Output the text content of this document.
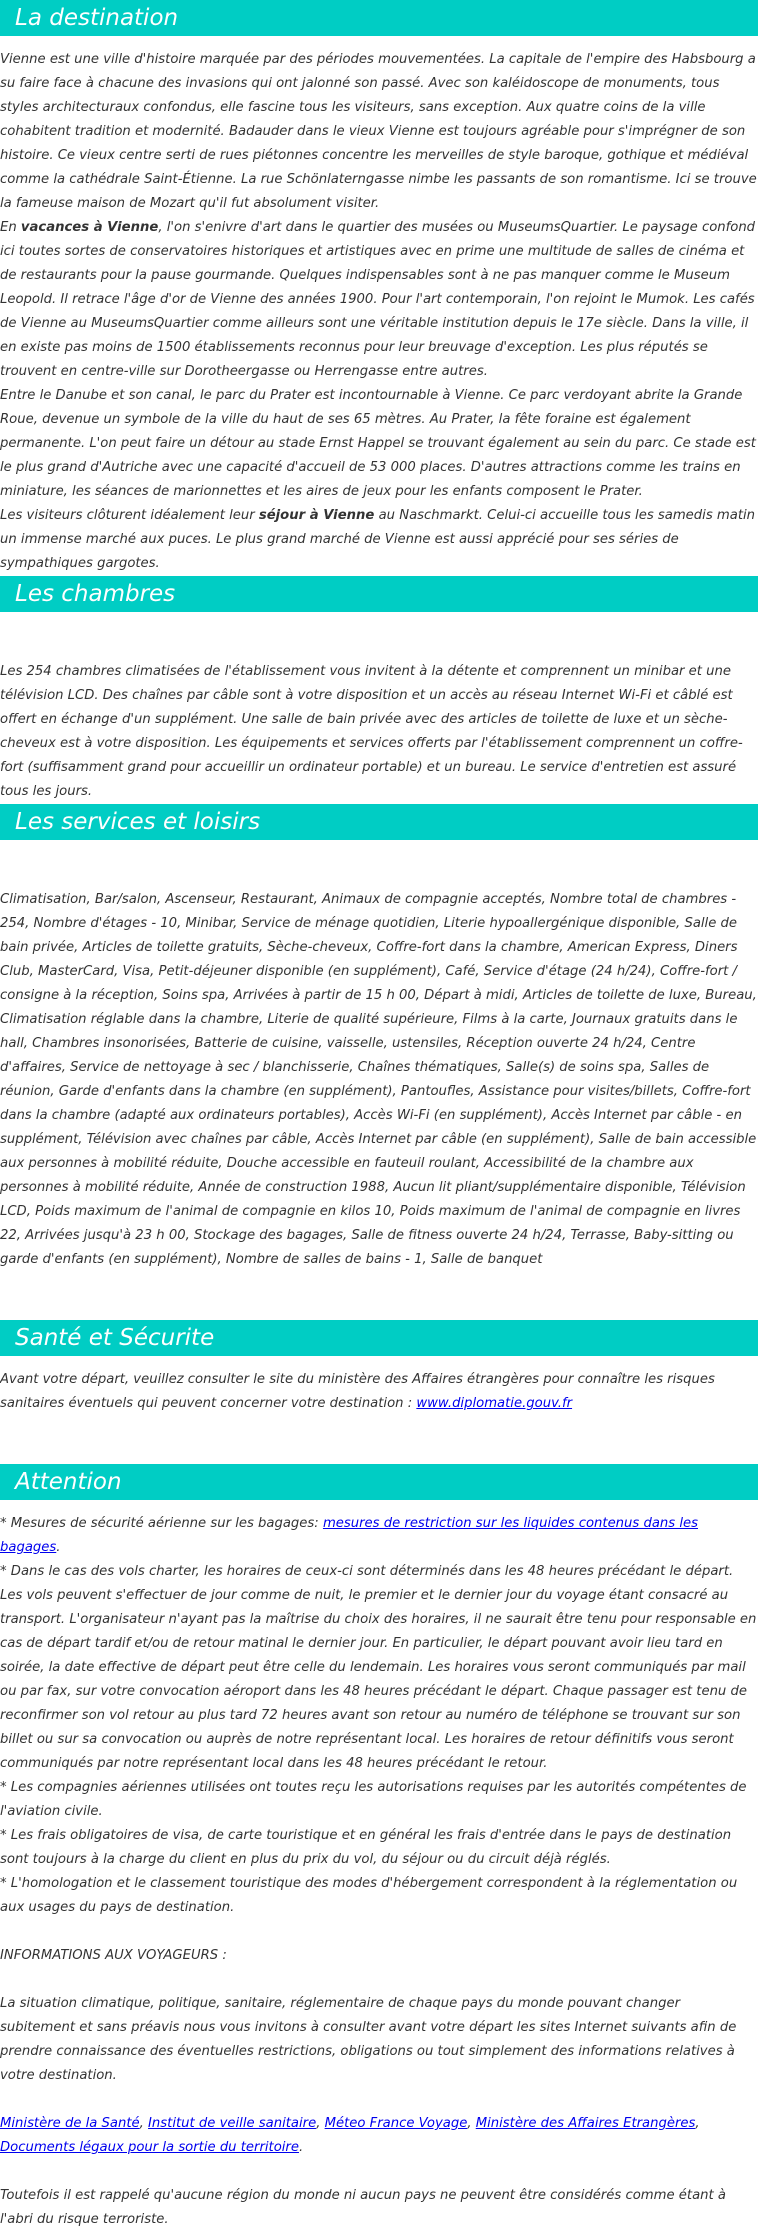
La destination

Vienne est une ville d'histoire marquée par des périodes mouvementées. La capitale de l'empire des Habsbourg a su faire face à chacune des invasions qui ont jalonné son passé. Avec son kaléidoscope de monuments, tous styles architecturaux confondus, elle fascine tous les visiteurs, sans exception. Aux quatre coins de la ville cohabitent tradition et modernité. Badauder dans le vieux Vienne est toujours agréable pour s'imprégner de son histoire. Ce vieux centre serti de rues piétonnes concentre les merveilles de style baroque, gothique et médiéval comme la cathédrale Saint-Étienne. La rue Schönlaterngasse nimbe les passants de son romantisme. Ici se trouve la fameuse maison de Mozart qu'il fut absolument visiter.

En vacances à Vienne, l'on s'enivre d'art dans le quartier des musées ou MuseumsQuartier. Le paysage confond ici toutes sortes de conservatoires historiques et artistiques avec en prime une multitude de salles de cinéma et de restaurants pour la pause gourmande. Quelques indispensables sont à ne pas manquer comme le Museum Leopold. Il retrace l'âge d'or de Vienne des années 1900. Pour l'art contemporain, l'on rejoint le Mumok. Les cafés de Vienne au MuseumsQuartier comme ailleurs sont une véritable institution depuis le 17e siècle. Dans la ville, il en existe pas moins de 1500 établissements reconnus pour leur breuvage d'exception. Les plus réputés se trouvent en centre-ville sur Dorotheergasse ou Herrengasse entre autres.

Entre le Danube et son canal, le parc du Prater est incontournable à Vienne. Ce parc verdoyant abrite la Grande Roue, devenue un symbole de la ville du haut de ses 65 mètres. Au Prater, la fête foraine est également permanente. L'on peut faire un détour au stade Ernst Happel se trouvant également au sein du parc. Ce stade est le plus grand d'Autriche avec une capacité d'accueil de 53 000 places. D'autres attractions comme les trains en miniature, les séances de marionnettes et les aires de jeux pour les enfants composent le Prater.

Les visiteurs clôturent idéalement leur séjour à Vienne au Naschmarkt. Celui-ci accueille tous les samedis matin un immense marché aux puces. Le plus grand marché de Vienne est aussi apprécié pour ses séries de sympathiques gargotes.

Les chambres

Les 254 chambres climatisées de l'établissement vous invitent à la détente et comprennent un minibar et une télévision LCD. Des chaînes par câble sont à votre disposition et un accès au réseau Internet Wi-Fi et câblé est offert en échange d'un supplément. Une salle de bain privée avec des articles de toilette de luxe et un sèche-cheveux est à votre disposition. Les équipements et services offerts par l'établissement comprennent un coffre-fort (suffisamment grand pour accueillir un ordinateur portable) et un bureau. Le service d'entretien est assuré tous les jours.

Les services et loisirs

Climatisation, Bar/salon, Ascenseur, Restaurant, Animaux de compagnie acceptés, Nombre total de chambres - 254, Nombre d'étages - 10, Minibar, Service de ménage quotidien, Literie hypoallergénique disponible, Salle de bain privée, Articles de toilette gratuits, Sèche-cheveux, Coffre-fort dans la chambre, American Express, Diners Club, MasterCard, Visa, Petit-déjeuner disponible (en supplément), Café, Service d'étage (24 h/24), Coffre-fort / consigne à la réception, Soins spa, Arrivées à partir de 15 h 00, Départ à midi, Articles de toilette de luxe, Bureau, Climatisation réglable dans la chambre, Literie de qualité supérieure, Films à la carte, Journaux gratuits dans le hall, Chambres insonorisées, Batterie de cuisine, vaisselle, ustensiles, Réception ouverte 24 h/24, Centre d'affaires, Service de nettoyage à sec / blanchisserie, Chaînes thématiques, Salle(s) de soins spa, Salles de réunion, Garde d'enfants dans la chambre (en supplément), Pantoufles, Assistance pour visites/billets, Coffre-fort dans la chambre (adapté aux ordinateurs portables), Accès Wi-Fi (en supplément), Accès Internet par câble - en supplément, Télévision avec chaînes par câble, Accès Internet par câble (en supplément), Salle de bain accessible aux personnes à mobilité réduite, Douche accessible en fauteuil roulant, Accessibilité de la chambre aux personnes à mobilité réduite, Année de construction 1988, Aucun lit pliant/supplémentaire disponible, Télévision LCD, Poids maximum de l'animal de compagnie en kilos 10, Poids maximum de l'animal de compagnie en livres 22, Arrivées jusqu'à 23 h 00, Stockage des bagages, Salle de fitness ouverte 24 h/24, Terrasse, Baby-sitting ou garde d'enfants (en supplément), Nombre de salles de bains - 1, Salle de banquet

Santé et Sécurite

Avant votre départ, veuillez consulter le site du ministère des Affaires étrangères pour connaître les risques sanitaires éventuels qui peuvent concerner votre destination : www.diplomatie.gouv.fr

Attention

* Mesures de sécurité aérienne sur les bagages: mesures de restriction sur les liquides contenus dans les bagages.

* Dans le cas des vols charter, les horaires de ceux-ci sont déterminés dans les 48 heures précédant le départ. Les vols peuvent s'effectuer de jour comme de nuit, le premier et le dernier jour du voyage étant consacré au transport. L'organisateur n'ayant pas la maîtrise du choix des horaires, il ne saurait être tenu pour responsable en cas de départ tardif et/ou de retour matinal le dernier jour. En particulier, le départ pouvant avoir lieu tard en soirée, la date effective de départ peut être celle du lendemain. Les horaires vous seront communiqués par mail ou par fax, sur votre convocation aéroport dans les 48 heures précédant le départ. Chaque passager est tenu de reconfirmer son vol retour au plus tard 72 heures avant son retour au numéro de téléphone se trouvant sur son billet ou sur sa convocation ou auprès de notre représentant local. Les horaires de retour définitifs vous seront communiqués par notre représentant local dans les 48 heures précédant le retour.

* Les compagnies aériennes utilisées ont toutes reçu les autorisations requises par les autorités compétentes de l'aviation civile.

* Les frais obligatoires de visa, de carte touristique et en général les frais d'entrée dans le pays de destination sont toujours à la charge du client en plus du prix du vol, du séjour ou du circuit déjà réglés.

* L'homologation et le classement touristique des modes d'hébergement correspondent à la réglementation ou aux usages du pays de destination.

INFORMATIONS AUX VOYAGEURS :

La situation climatique, politique, sanitaire, réglementaire de chaque pays du monde pouvant changer subitement et sans préavis nous vous invitons à consulter avant votre départ les sites Internet suivants afin de prendre connaissance des éventuelles restrictions, obligations ou tout simplement des informations relatives à votre destination.

Ministère de la Santé, Institut de veille sanitaire, Méteo France Voyage, Ministère des Affaires Etrangères, Documents légaux pour la sortie du territoire.

Toutefois il est rappelé qu'aucune région du monde ni aucun pays ne peuvent être considérés comme étant à l'abri du risque terroriste.
